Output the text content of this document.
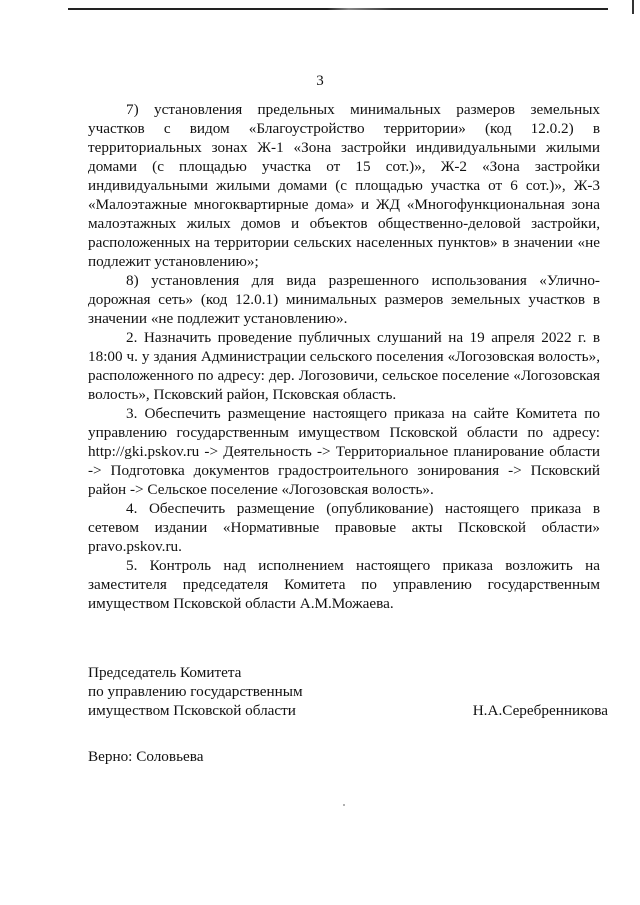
3

7) установления предельных минимальных размеров земельных участков с видом «Благоустройство территории» (код 12.0.2) в территориальных зонах Ж-1 «Зона застройки индивидуальными жилыми домами (с площадью участка от 15 сот.)», Ж-2 «Зона застройки индивидуальными жилыми домами (с площадью участка от 6 сот.)», Ж-3 «Малоэтажные многоквартирные дома» и ЖД «Многофункциональная зона малоэтажных жилых домов и объектов общественно-деловой застройки, расположенных на территории сельских населенных пунктов» в значении «не подлежит установлению»;

8) установления для вида разрешенного использования «Улично-дорожная сеть» (код 12.0.1) минимальных размеров земельных участков в значении «не подлежит установлению».

2. Назначить проведение публичных слушаний на 19 апреля 2022 г. в 18:00 ч. у здания Администрации сельского поселения «Логозовская волость», расположенного по адресу: дер. Логозовичи, сельское поселение «Логозовская волость», Псковский район, Псковская область.

3. Обеспечить размещение настоящего приказа на сайте Комитета по управлению государственным имуществом Псковской области по адресу: http://gki.pskov.ru -> Деятельность -> Территориальное планирование области -> Подготовка документов градостроительного зонирования -> Псковский район -> Сельское поселение «Логозовская волость».

4. Обеспечить размещение (опубликование) настоящего приказа в сетевом издании «Нормативные правовые акты Псковской области» pravo.pskov.ru.

5. Контроль над исполнением настоящего приказа возложить на заместителя председателя Комитета по управлению государственным имуществом Псковской области А.М.Можаева.

Председатель Комитета
по управлению государственным
имуществом Псковской области	Н.А.Серебренникова
Верно: Соловьева
